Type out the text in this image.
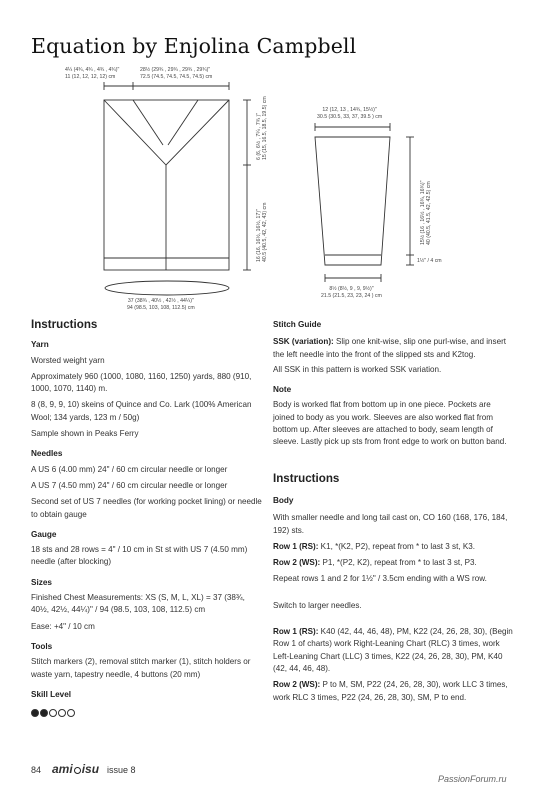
Equation by Enjolina Campbell
4¼ (4¾, 4¾ , 4¾ , 4¾)"
11 (12, 12, 12, 12) cm
28½ (29¾ , 29¾ , 29¾ , 29¾)"
72.5 (74.5, 74.5, 74.5, 74.5) cm
6 (6, 6½ , 7¼ , 7¾ )" 15 (15, 16.5, 18.5, 19.5) cm
16 (16, 16½, 16½, 17)" 40.5 (40.5, 42, 42, 43) cm
37 (38¾ , 40½ , 42½ , 44¼)"
94 (98.5, 103, 108, 112.5) cm
12 (12, 13 , 14¾, 15½)"
30.5 (30.5, 33, 37, 39.5 ) cm
15½ (16 , 16½ , 16¾, 16¾)" 40 (40.5, 41.5, 42, 42.5) cm
1½" / 4 cm
8½ (8½, 9 , 9, 9½)"
21.5 (21.5, 23, 23, 24 ) cm

Instructions

Yarn

Worsted weight yarn

Approximately 960 (1000, 1080, 1160, 1250) yards, 880 (910, 1000, 1070, 1140) m.

8 (8, 9, 9, 10) skeins of Quince and Co. Lark (100% American Wool; 134 yards, 123 m / 50g)

Sample shown in Peaks Ferry

Needles

A US 6 (4.00 mm) 24" / 60 cm circular needle or longer

A US 7 (4.50 mm) 24" / 60 cm circular needle or longer

Second set of US 7 needles (for working pocket lining) or needle to obtain gauge

Gauge

18 sts and 28 rows = 4" / 10 cm in St st with US 7 (4.50 mm) needle (after blocking)

Sizes

Finished Chest Measurements: XS (S, M, L, XL) = 37 (38¾, 40½, 42½, 44¼)" / 94 (98.5, 103, 108, 112.5) cm

Ease: +4" / 10 cm

Tools

Stitch markers (2), removal stitch marker (1), stitch holders or waste yarn, tapestry needle, 4 buttons (20 mm)

Skill Level

Stitch Guide

SSK (variation): Slip one knit-wise, slip one purl-wise, and insert the left needle into the front of the slipped sts and K2tog.

All SSK in this pattern is worked SSK variation.

Note

Body is worked flat from bottom up in one piece. Pockets are joined to body as you work. Sleeves are also worked flat from bottom up. After sleeves are attached to body, seam length of sleeve. Lastly pick up sts from front edge to work on button band.

Instructions

Body

With smaller needle and long tail cast on, CO 160 (168, 176, 184, 192) sts.

Row 1 (RS): K1, *(K2, P2), repeat from * to last 3 st, K3.

Row 2 (WS): P1, *(P2, K2), repeat from * to last 3 st, P3.

Repeat rows 1 and 2 for 1½" / 3.5cm ending with a WS row.

Switch to larger needles.

Row 1 (RS): K40 (42, 44, 46, 48), PM, K22 (24, 26, 28, 30), (Begin Row 1 of charts) work Right-Leaning Chart (RLC) 3 times, work Left-Leaning Chart (LLC) 3 times, K22 (24, 26, 28, 30), PM, K40 (42, 44, 46, 48).

Row 2 (WS): P to M, SM, P22 (24, 26, 28, 30), work LLC 3 times, work RLC 3 times, P22 (24, 26, 28, 30), SM, P to end.

84 ami isu issue 8
PassionForum.ru
